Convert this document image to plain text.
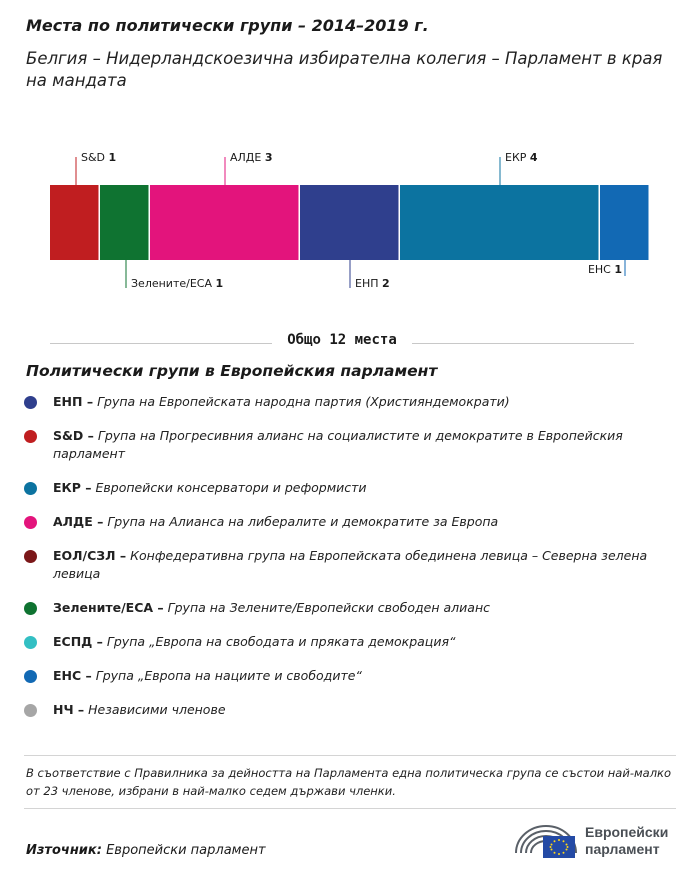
Места по политически групи – 2014–2019 г.

Белгия – Нидерландскоезична избирателна колегия – Парламент в края на мандата

S&D 1
Зелените/ЕСА 1
АЛДЕ 3
ЕНП 2
ЕКР 4
ЕНС 1
Общо 12 места
Политически групи в Европейския парламент
ЕНП – Група на Европейската народна партия (Християндемократи)
S&D – Група на Прогресивния алианс на социалистите и демократите в Европейския парламент
ЕКР – Европейски консерватори и реформисти
АЛДЕ – Група на Алианса на либералите и демократите за Европа
ЕОЛ/СЗЛ – Конфедеративна група на Европейската обединена левица – Северна зелена левица
Зелените/ЕСА – Група на Зелените/Европейски свободен алианс
ЕСПД – Група „Европа на свободата и пряката демокрация“
ЕНС – Група „Европа на нациите и свободите“
НЧ – Независими членове

В съответствие с Правилника за дейността на Парламента една политическа група се състои най-малко от 23 членове, избрани в най-малко седем държави членки.

Източник: Европейски парламент
Европейски
парламент
